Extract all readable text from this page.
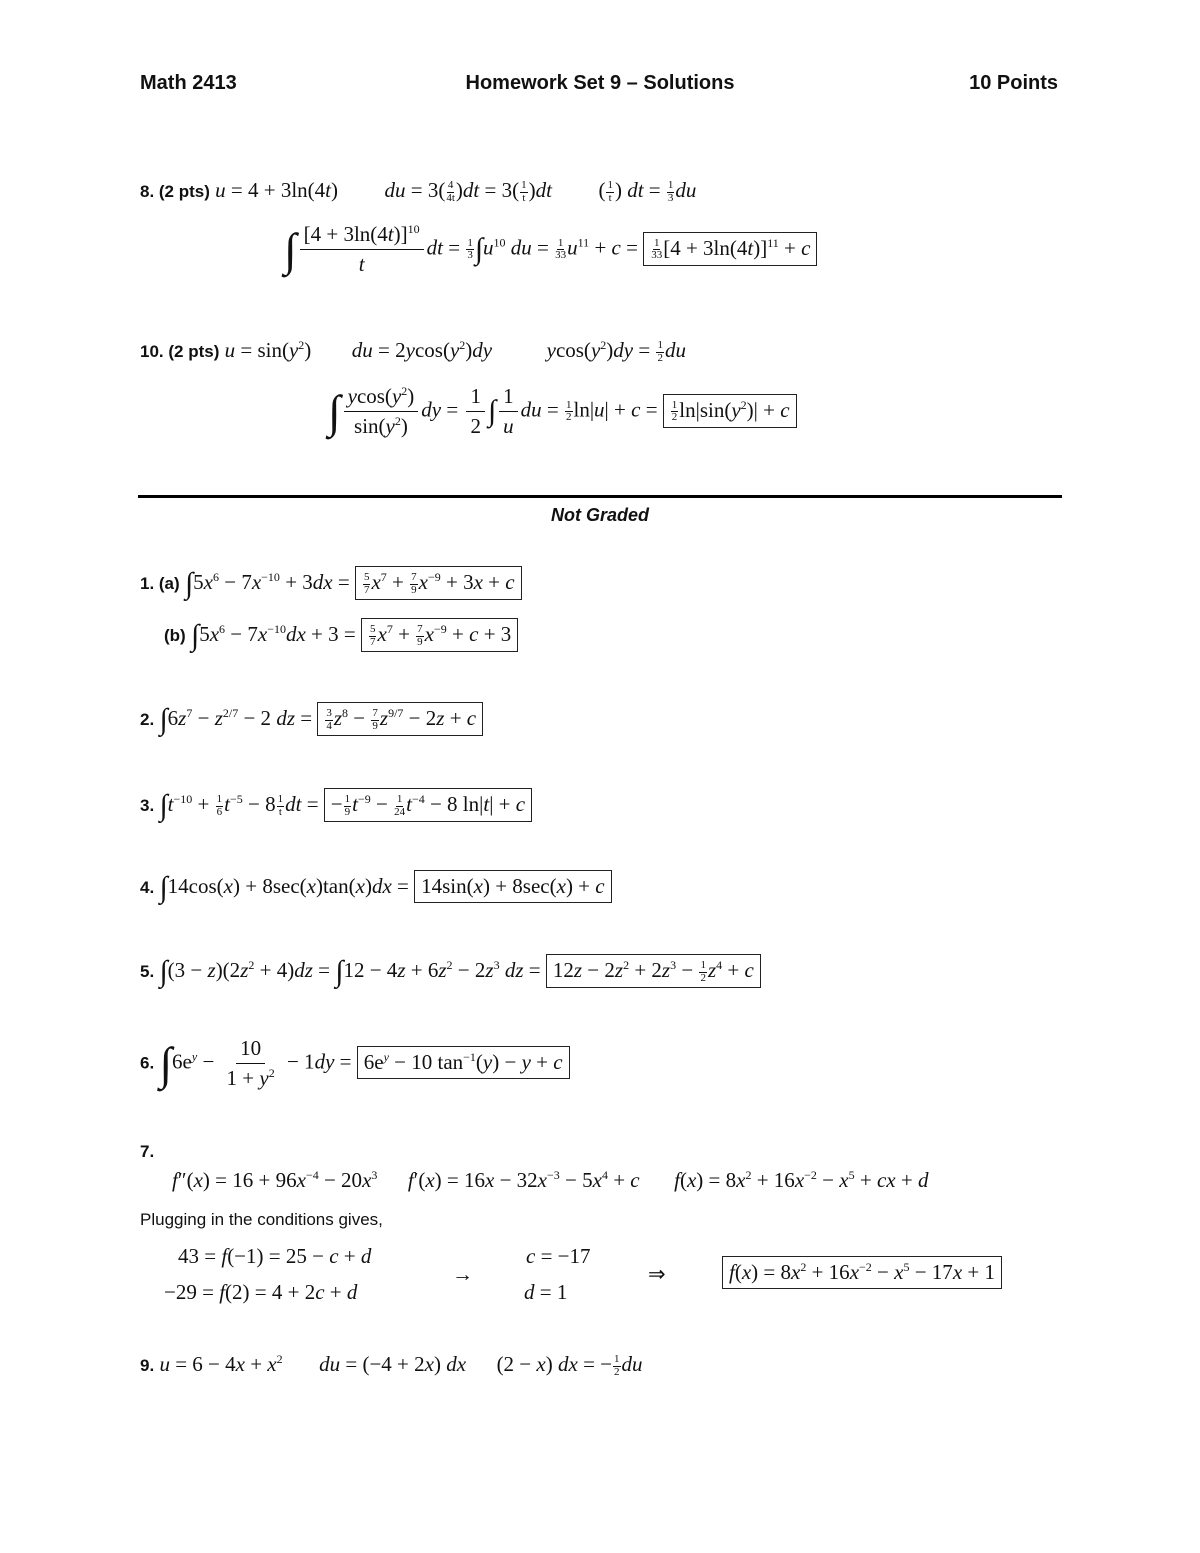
Math 2413	Homework Set 9 – Solutions	10 Points
8. (2 pts) u = 4 + 3ln(4t)  du = $3( \frac{4}{4t} )dt = 3( \frac{1}{t} )dt$  ( $\frac{1}{t}$ ) dt = $\frac{1}{3}$ du
∫ $\frac{[4 + 3\ln(4t)]^{10}}{t}$ dt = $\frac{1}{3} \int u^{10}$ du = $\frac{1}{33} u^{11} + c = \frac{1}{33} [4 + 3\ln(4t)]^{11} + c$
10. (2 pts) $u = \sin(y^2)$  du = $2ycos(y^2)dy$	$ycos(y^2)dy = \frac{1}{2}$ du
∫ $\frac{ycos(y^2)}{\sin(y^2)}$ dy = $\frac{1}{2}$ ∫ $\frac{1}{u}$ du = $\frac{1}{2} \ln|u| + c = \frac{1}{2} \ln|\sin(y^2)| + c$
Not Graded
1. (a) $\int 5x^6 - 7x^{-10} + 3dx = \frac{5}{7} x^7 + \frac{7}{9} x^{-9} + 3x + c$
(b) $\int 5x^6 - 7x^{-10}dx + 3 = \frac{5}{7} x^7 + \frac{7}{9} x^{-9} + c + 3$
2. $\int 6z^7 - z^{2/7} - 2$ dz = $\frac{3}{4} z^8 - \frac{7}{9} z^{9/7} - 2z + c$
3. $\int t^{-10} + \frac{1}{6} t^{-5} - 8 \frac{1}{t}$ dt = − $\frac{1}{9} t^{-9} - \frac{1}{24} t^{-4} - 8$ ln|t| + c
4. ∫14cos(x) + 8sec(x)tan(x)dx = 14sin(x) + 8sec(x) + c
5. $\int(3 - z)(2z^2 + 4)dz = \int 12 - 4z + 6z^2 - 2z^3$ dz = $12z - 2z^2 + 2z^3 - \frac{1}{2} z^4 + c$
6. $\int 6e^y - \frac{10}{1 + y^2} - 1dy = 6e^y - 10$ $\tan^{-1}(y) - y + c$
7.
$f''(x) = 16 + 96x^{-4} - 20x^3$ $f'(x) = 16x - 32x^{-3} - 5x^4 + c$ $f(x) = 8x^2 + 16x^{-2} - x^5$ + cx + d
Plugging in the conditions gives,
43 = f(−1) = 25 − c + d
−29 = f(2) = 4 + 2c + d
→
c = −17
d = 1
⇒	$f(x) = 8x^2 + 16x^{-2} - x^5 - 17x + 1$
9. $u = 6 - 4x + x^2$ du = (−4 + 2x) dx  (2 − x) dx = − $\frac{1}{2}$ du
